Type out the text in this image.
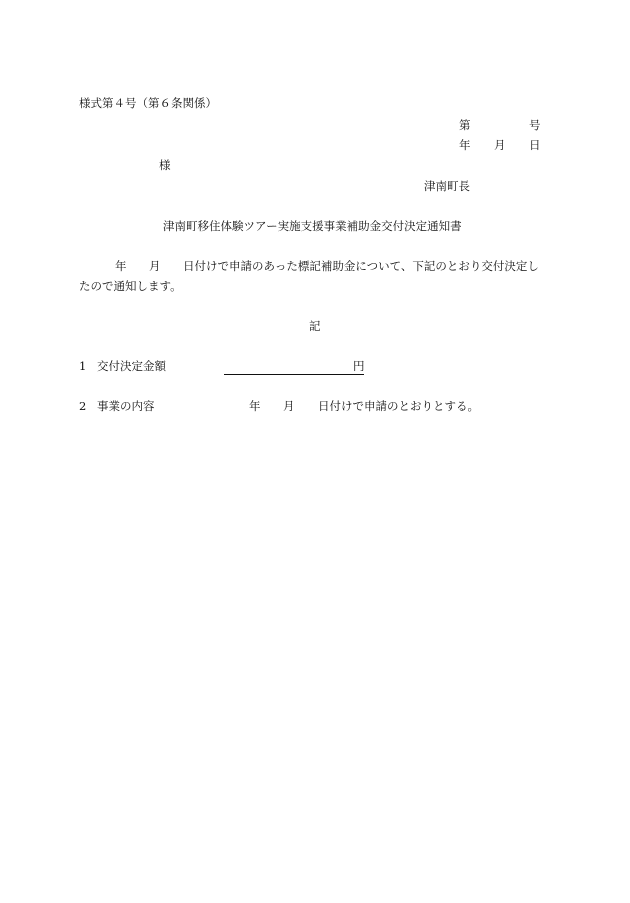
様式第４号（第６条関係）
第	号
年 月 日
様
津南町長
津南町移住体験ツアー実施支援事業補助金交付決定通知書
年 月 日付けで申請のあった標記補助金について、下記のとおり交付決定し
たので通知します。
記
1 交付決定金額	円
2 事業の内容	年 月 日付けで申請のとおりとする。
